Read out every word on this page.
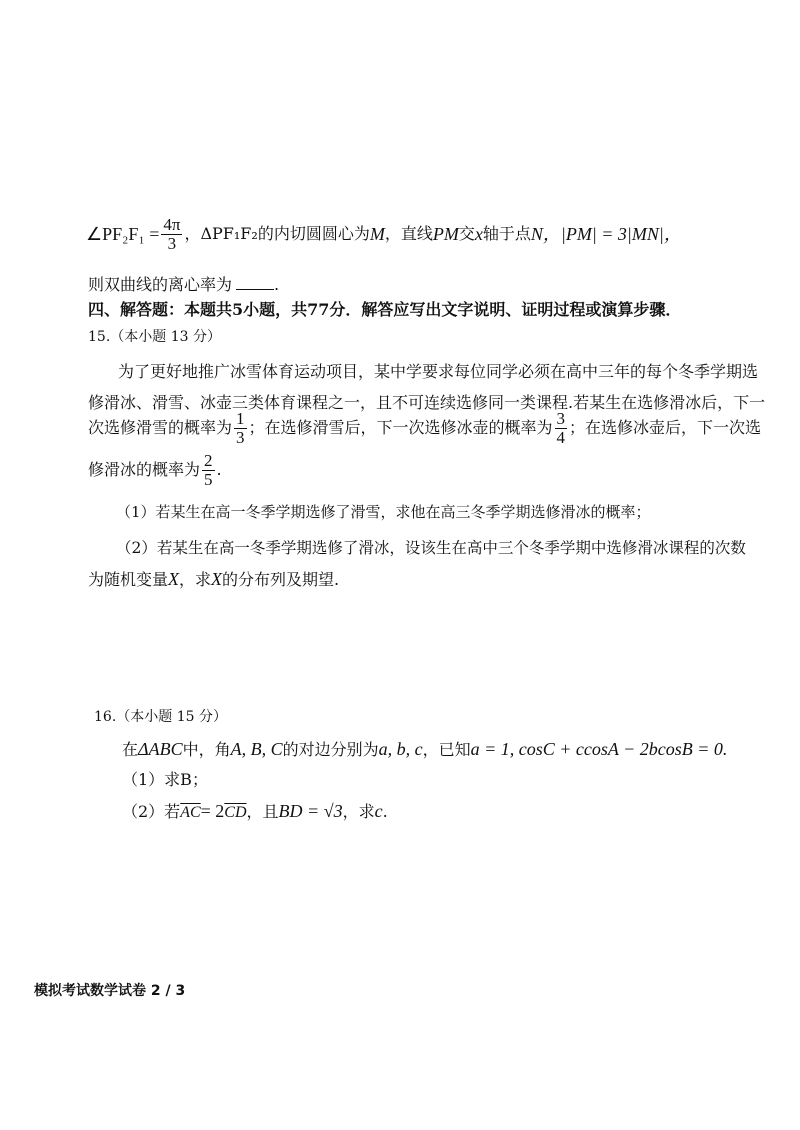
∠PF₂F₁ = $\frac{4\pi}{3}$ ，ΔPF₁F₂的内切圆圆心为 M ，直线 PM 交 x 轴于点 N ，|PM| = 3|MN|，
则双曲线的离心率为	.
四、解答题：本题共5小题，共77分．解答应写出文字说明、证明过程或演算步骤．
15.（本小题 13 分）
为了更好地推广冰雪体育运动项目，某中学要求每位同学必须在高中三年的每个冬季学期选
修滑冰、滑雪、冰壶三类体育课程之一，且不可连续选修同一类课程.若某生在选修滑冰后，下一
次选修滑雪的概率为 $\frac{1}{3}$ ；在选修滑雪后，下一次选修冰壶的概率为 $\frac{3}{4}$ ；在选修冰壶后，下一次选
修滑冰的概率为 $\frac{2}{5}$ .
（1）若某生在高一冬季学期选修了滑雪，求他在高三冬季学期选修滑冰的概率；
（2）若某生在高一冬季学期选修了滑冰，设该生在高中三个冬季学期中选修滑冰课程的次数
为随机变量X，求X的分布列及期望.
16.（本小题 15 分）
在ΔABC中，角A, B, C的对边分别为a, b, c，已知a = 1, cosC + ccosA − 2bcosB = 0.
（1）求B；
（2）若$\overline{AC}= 2\overline{CD}$，且BD = √3，求c.
模拟考试数学试卷 2 / 3
